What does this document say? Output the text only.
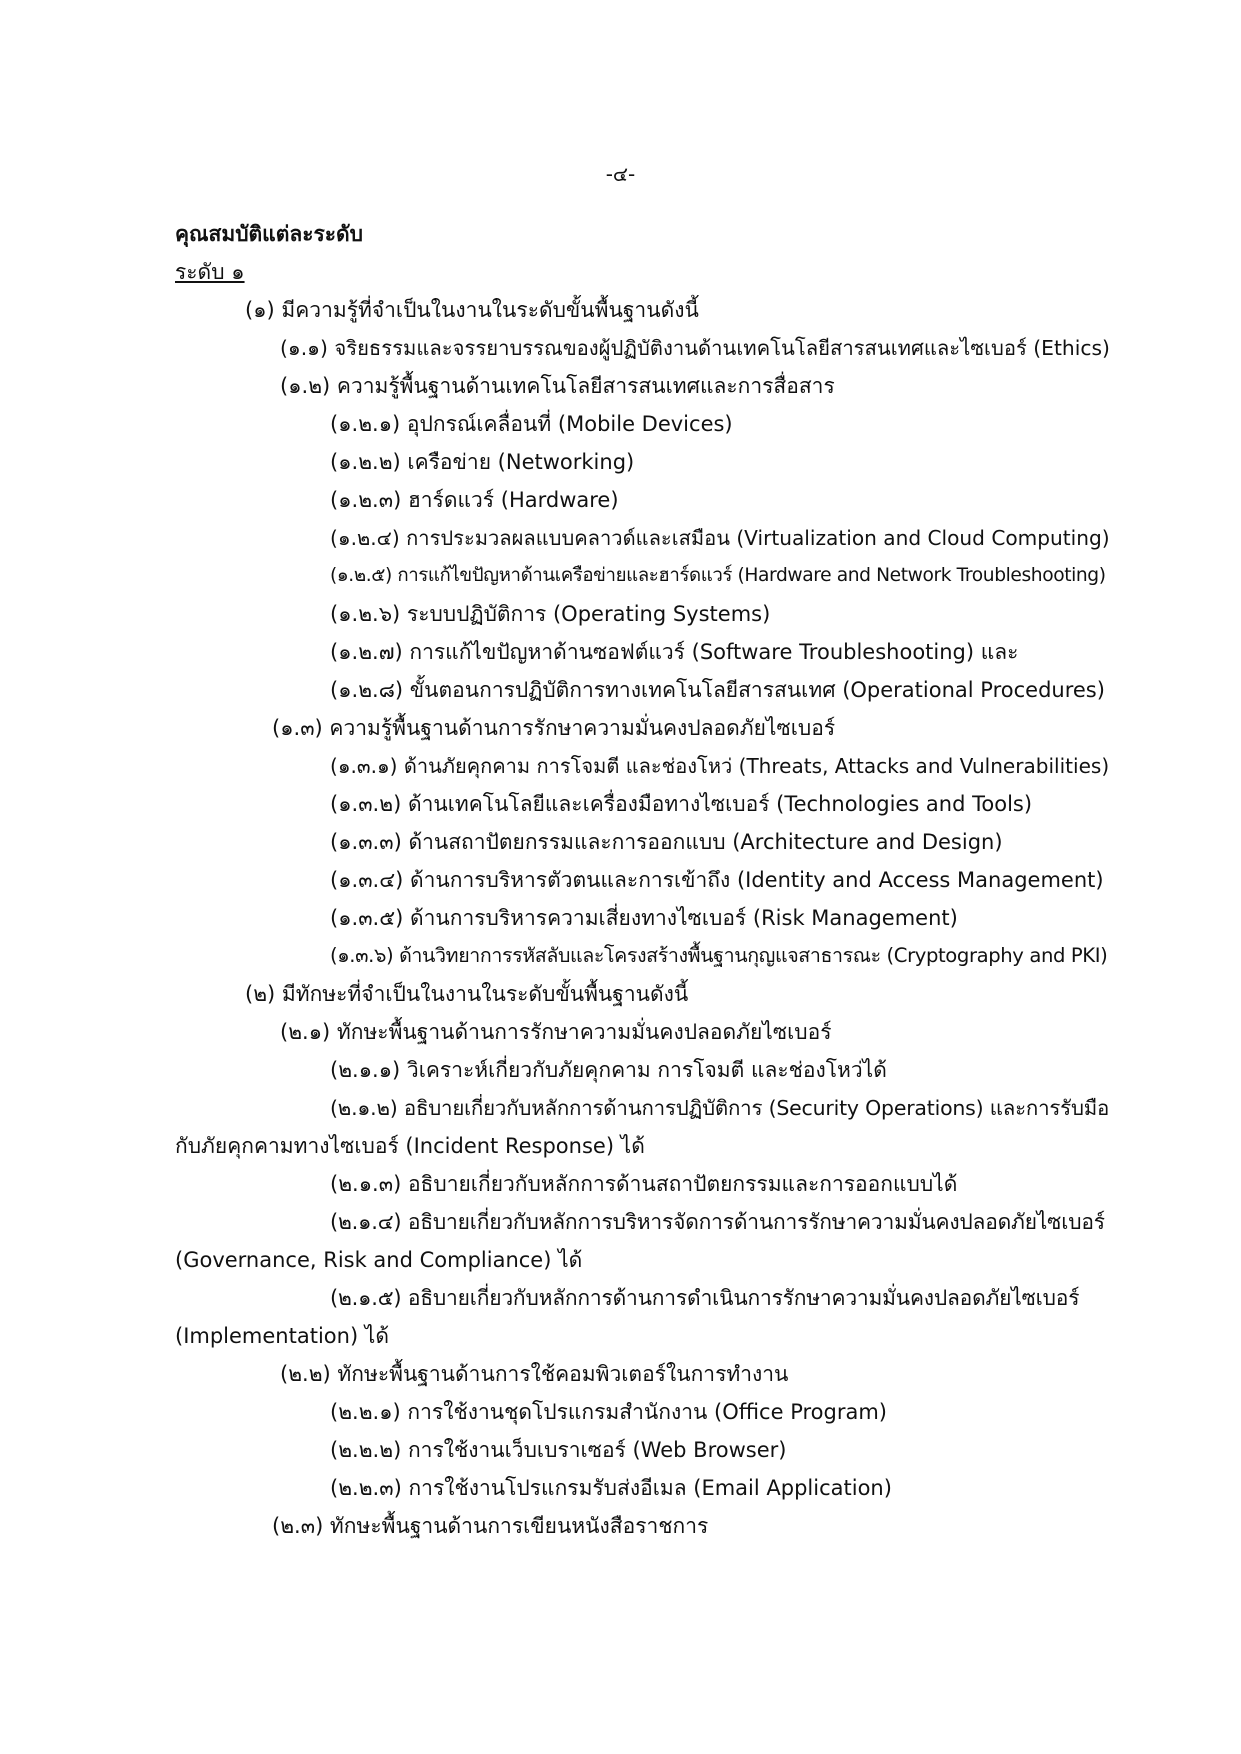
-๔-
คุณสมบัติแต่ละระดับ
ระดับ ๑
(๑) มีความรู้ที่จำเป็นในงานในระดับขั้นพื้นฐานดังนี้
(๑.๑) จริยธรรมและจรรยาบรรณของผู้ปฏิบัติงานด้านเทคโนโลยีสารสนเทศและไซเบอร์ (Ethics)
(๑.๒) ความรู้พื้นฐานด้านเทคโนโลยีสารสนเทศและการสื่อสาร
(๑.๒.๑) อุปกรณ์เคลื่อนที่ (Mobile Devices)
(๑.๒.๒) เครือข่าย (Networking)
(๑.๒.๓) ฮาร์ดแวร์ (Hardware)
(๑.๒.๔) การประมวลผลแบบคลาวด์และเสมือน (Virtualization and Cloud Computing)
(๑.๒.๕) การแก้ไขปัญหาด้านเครือข่ายและฮาร์ดแวร์ (Hardware and Network Troubleshooting)
(๑.๒.๖) ระบบปฏิบัติการ (Operating Systems)
(๑.๒.๗) การแก้ไขปัญหาด้านซอฟต์แวร์ (Software Troubleshooting) และ
(๑.๒.๘) ขั้นตอนการปฏิบัติการทางเทคโนโลยีสารสนเทศ (Operational Procedures)
(๑.๓) ความรู้พื้นฐานด้านการรักษาความมั่นคงปลอดภัยไซเบอร์
(๑.๓.๑) ด้านภัยคุกคาม การโจมตี และช่องโหว่ (Threats, Attacks and Vulnerabilities)
(๑.๓.๒) ด้านเทคโนโลยีและเครื่องมือทางไซเบอร์ (Technologies and Tools)
(๑.๓.๓) ด้านสถาปัตยกรรมและการออกแบบ (Architecture and Design)
(๑.๓.๔) ด้านการบริหารตัวตนและการเข้าถึง (Identity and Access Management)
(๑.๓.๕) ด้านการบริหารความเสี่ยงทางไซเบอร์ (Risk Management)
(๑.๓.๖) ด้านวิทยาการรหัสลับและโครงสร้างพื้นฐานกุญแจสาธารณะ (Cryptography and PKI)
(๒) มีทักษะที่จำเป็นในงานในระดับขั้นพื้นฐานดังนี้
(๒.๑) ทักษะพื้นฐานด้านการรักษาความมั่นคงปลอดภัยไซเบอร์
(๒.๑.๑) วิเคราะห์เกี่ยวกับภัยคุกคาม การโจมตี และช่องโหว่ได้
(๒.๑.๒) อธิบายเกี่ยวกับหลักการด้านการปฏิบัติการ (Security Operations) และการรับมือ
กับภัยคุกคามทางไซเบอร์ (Incident Response) ได้
(๒.๑.๓) อธิบายเกี่ยวกับหลักการด้านสถาปัตยกรรมและการออกแบบได้
(๒.๑.๔) อธิบายเกี่ยวกับหลักการบริหารจัดการด้านการรักษาความมั่นคงปลอดภัยไซเบอร์
(Governance, Risk and Compliance) ได้
(๒.๑.๕) อธิบายเกี่ยวกับหลักการด้านการดำเนินการรักษาความมั่นคงปลอดภัยไซเบอร์
(Implementation) ได้
(๒.๒) ทักษะพื้นฐานด้านการใช้คอมพิวเตอร์ในการทำงาน
(๒.๒.๑) การใช้งานชุดโปรแกรมสำนักงาน (Office Program)
(๒.๒.๒) การใช้งานเว็บเบราเซอร์ (Web Browser)
(๒.๒.๓) การใช้งานโปรแกรมรับส่งอีเมล (Email Application)
(๒.๓) ทักษะพื้นฐานด้านการเขียนหนังสือราชการ
